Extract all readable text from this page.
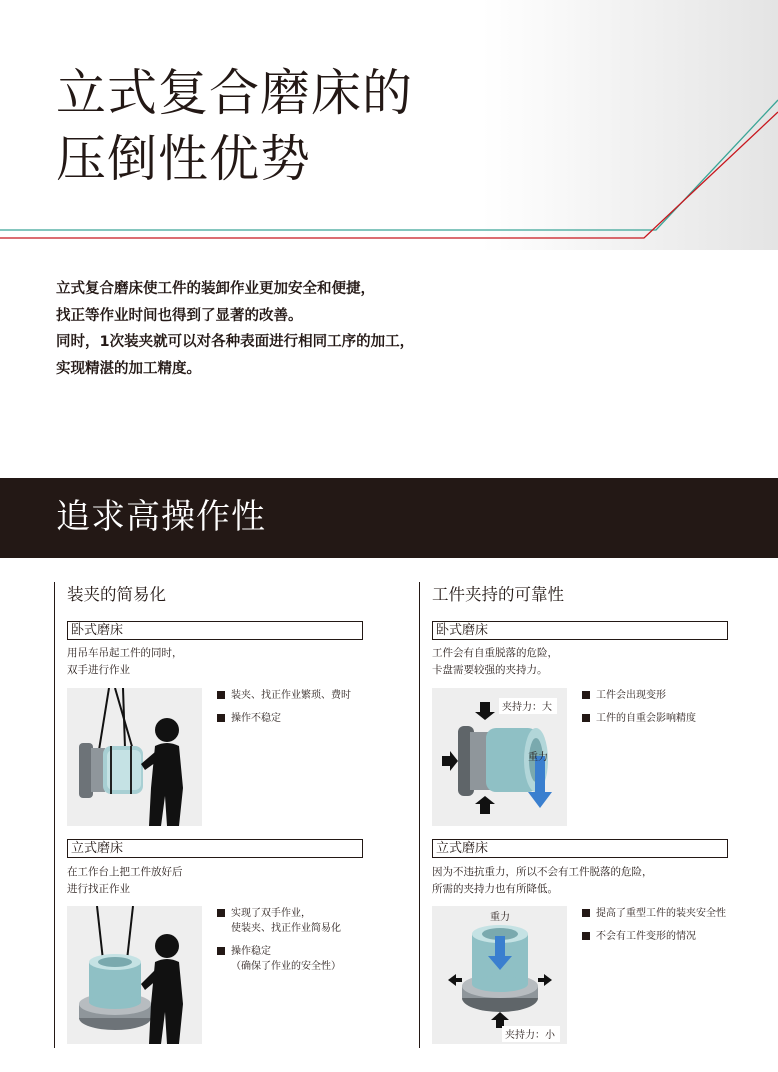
立式复合磨床的
压倒性优势
立式复合磨床使工件的装卸作业更加安全和便捷，
找正等作业时间也得到了显著的改善。
同时，1次装夹就可以对各种表面进行相同工序的加工，
实现精湛的加工精度。
追求高操作性
装夹的简易化
卧式磨床
用吊车吊起工件的同时，
双手进行作业
装夹、找正作业繁琐、费时
操作不稳定
立式磨床
在工作台上把工件放好后
进行找正作业
实现了双手作业，
使装夹、找正作业简易化
操作稳定
（确保了作业的安全性）
工件夹持的可靠性
卧式磨床
工件会有自重脱落的危险，
卡盘需要较强的夹持力。
夹持力：大
重力
工件会出现变形
工件的自重会影响精度
立式磨床
因为不违抗重力，所以不会有工件脱落的危险，
所需的夹持力也有所降低。
重力
夹持力：小
提高了重型工件的装夹安全性
不会有工件变形的情况
